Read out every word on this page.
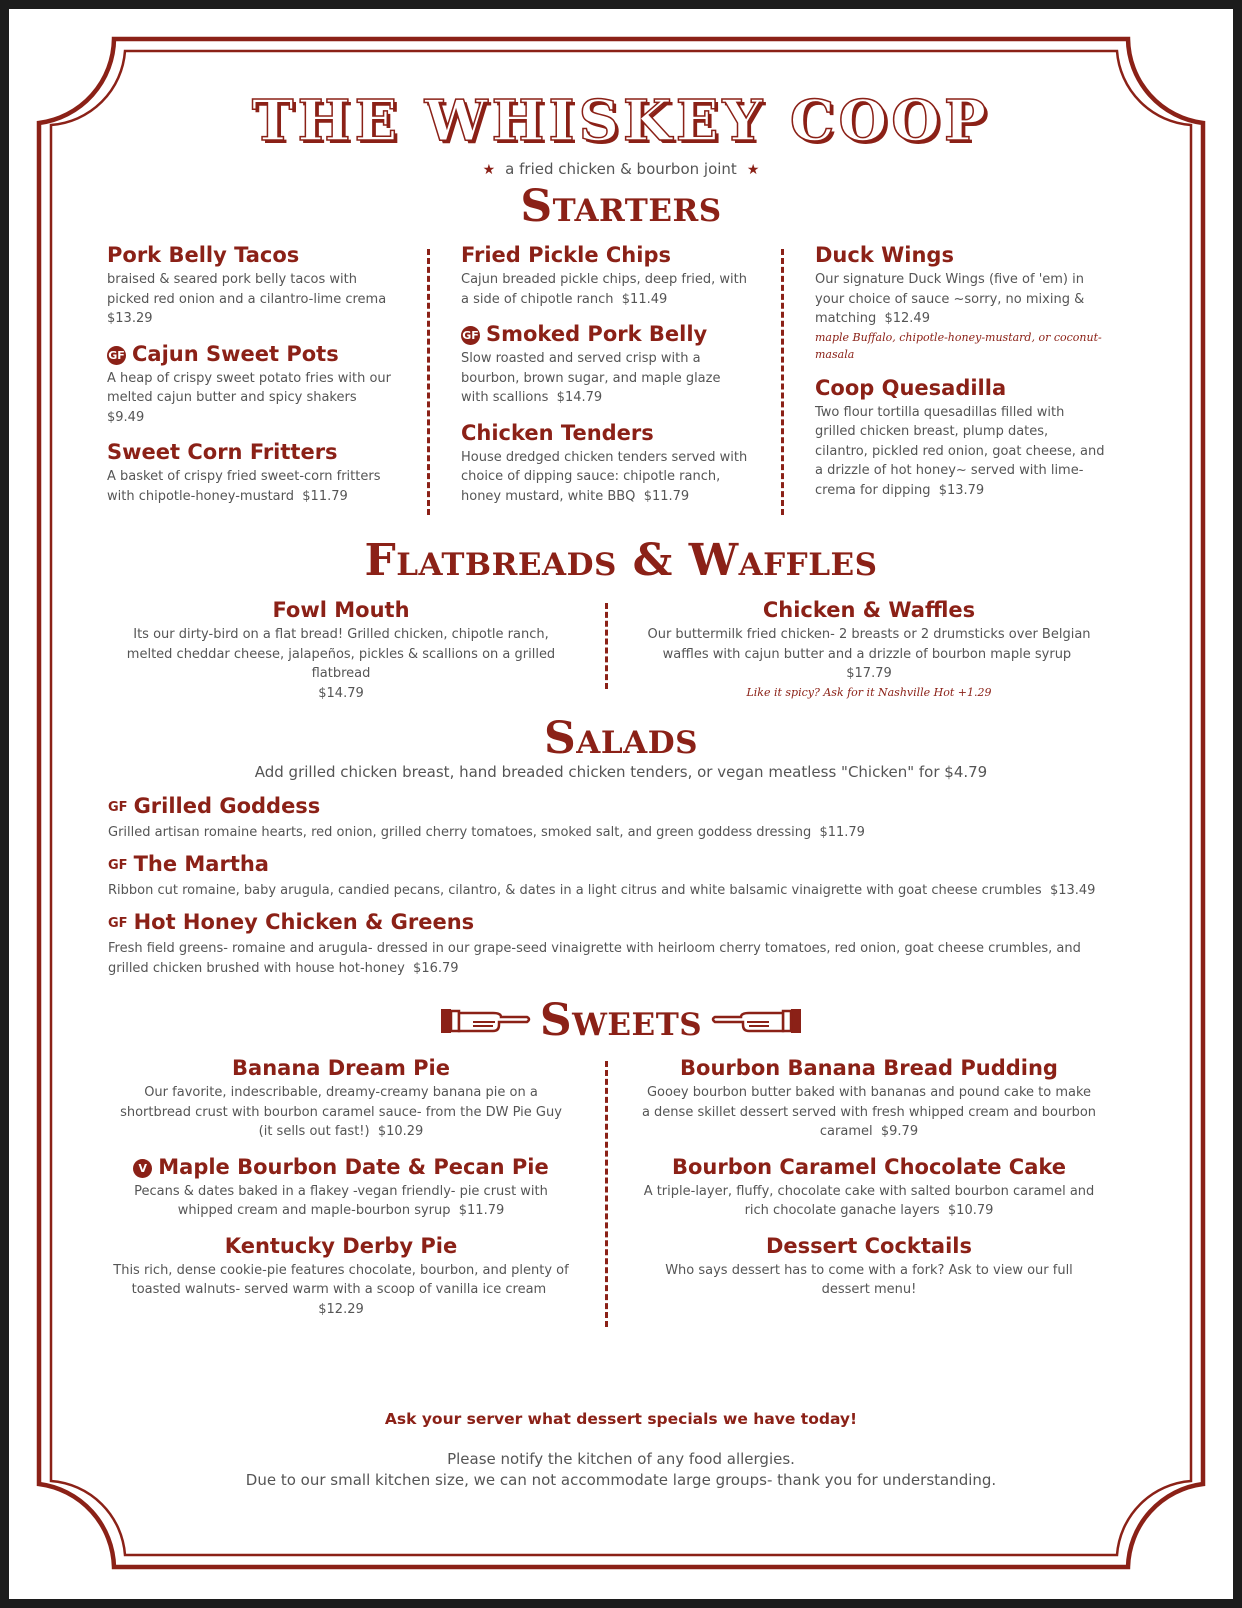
THE WHISKEY COOP
★ a fried chicken & bourbon joint ★
Starters
Pork Belly Tacos
braised & seared pork belly tacos with picked red onion and a cilantro-lime crema  $13.29
GF Cajun Sweet Pots
A heap of crispy sweet potato fries with our melted cajun butter and spicy shakers  $9.49
Sweet Corn Fritters
A basket of crispy fried sweet-corn fritters with chipotle-honey-mustard $11.79
Fried Pickle Chips
Cajun breaded pickle chips, deep fried, with a side of chipotle ranch $11.49
GF Smoked Pork Belly
Slow roasted and served crisp with a bourbon, brown sugar, and maple glaze with scallions $14.79
Chicken Tenders
House dredged chicken tenders served with choice of dipping sauce: chipotle ranch, honey mustard, white BBQ $11.79
Duck Wings
Our signature Duck Wings (five of 'em) in your choice of sauce ~sorry, no mixing & matching $12.49
maple Buffalo, chipotle-honey-mustard, or coconut-masala
Coop Quesadilla
Two flour tortilla quesadillas filled with grilled chicken breast, plump dates, cilantro, pickled red onion, goat cheese, and a drizzle of hot honey~ served with lime-crema for dipping $13.79
Flatbreads & Waffles
Fowl Mouth
Its our dirty-bird on a flat bread! Grilled chicken, chipotle ranch, melted cheddar cheese, jalapeños, pickles & scallions on a grilled flatbread
$14.79
Chicken & Waffles
Our buttermilk fried chicken- 2 breasts or 2 drumsticks over Belgian waffles with cajun butter and a drizzle of bourbon maple syrup  $17.79
Like it spicy? Ask for it Nashville Hot +1.29
Salads
Add grilled chicken breast, hand breaded chicken tenders, or vegan meatless "Chicken" for $4.79
GF Grilled Goddess
Grilled artisan romaine hearts, red onion, grilled cherry tomatoes, smoked salt, and green goddess dressing $11.79
GF The Martha
Ribbon cut romaine, baby arugula, candied pecans, cilantro, & dates in a light citrus and white balsamic vinaigrette with goat cheese crumbles $13.49
GF Hot Honey Chicken & Greens
Fresh field greens- romaine and arugula- dressed in our grape-seed vinaigrette with heirloom cherry tomatoes, red onion, goat cheese crumbles, and grilled chicken brushed with house hot-honey $16.79
Sweets
Banana Dream Pie
Our favorite, indescribable, dreamy-creamy banana pie on a shortbread crust with bourbon caramel sauce- from the DW Pie Guy (it sells out fast!) $10.29
V Maple Bourbon Date & Pecan Pie
Pecans & dates baked in a flakey -vegan friendly- pie crust with whipped cream and maple-bourbon syrup $11.79
Kentucky Derby Pie
This rich, dense cookie-pie features chocolate, bourbon, and plenty of toasted walnuts- served warm with a scoop of vanilla ice cream  $12.29
Bourbon Banana Bread Pudding
Gooey bourbon butter baked with bananas and pound cake to make a dense skillet dessert served with fresh whipped cream and bourbon caramel $9.79
Bourbon Caramel Chocolate Cake
A triple-layer, fluffy, chocolate cake with salted bourbon caramel and rich chocolate ganache layers $10.79
Dessert Cocktails
Who says dessert has to come with a fork? Ask to view our full dessert menu!
Ask your server what dessert specials we have today!
Please notify the kitchen of any food allergies.
Due to our small kitchen size, we can not accommodate large groups- thank you for understanding.
